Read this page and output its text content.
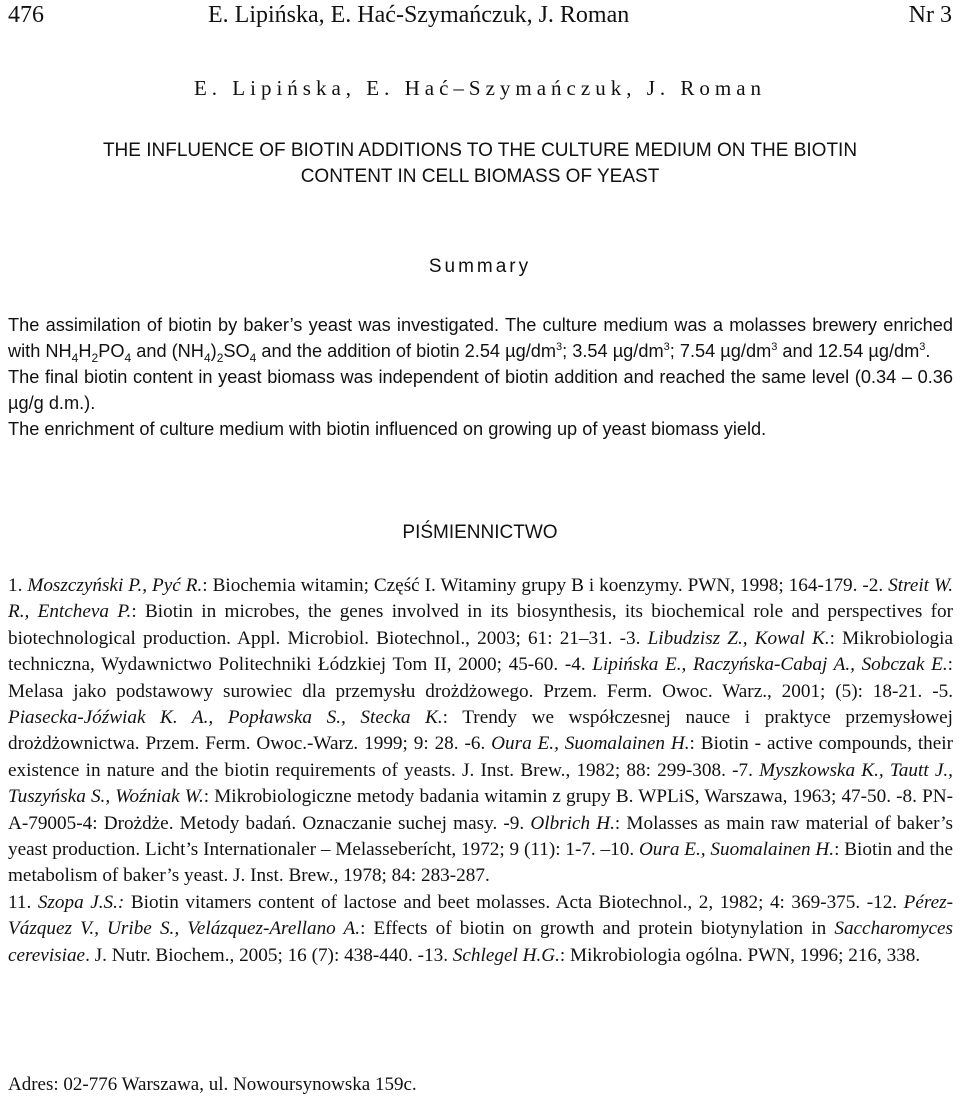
476	E. Lipińska, E. Hać-Szymańczuk, J. Roman	Nr 3
E. Lipińska, E. Hać–Szymańczuk, J. Roman
THE INFLUENCE OF BIOTIN ADDITIONS TO THE CULTURE MEDIUM ON THE BIOTIN
CONTENT IN CELL BIOMASS OF YEAST
Summary

The assimilation of biotin by baker’s yeast was investigated. The culture medium was a molasses brewery enriched with $NH_4H_2PO_4$ and $(NH_4)_2SO_4$ and the addition of biotin 2.54 $\mu g/dm^3$; 3.54 $\mu g/dm^3$; 7.54 $\mu g/dm^3$ and 12.54 $\mu g/dm^3$.

The final biotin content in yeast biomass was independent of biotin addition and reached the same level (0.34 – 0.36 µg/g d.m.).

The enrichment of culture medium with biotin influenced on growing up of yeast biomass yield.

PIŚMIENNICTWO

1. Moszczyński P., Pyć R.: Biochemia witamin; Część I. Witaminy grupy B i koenzymy. PWN, 1998; 164-179. -2. Streit W. R., Entcheva P.: Biotin in microbes, the genes involved in its biosynthesis, its biochemical role and perspectives for biotechnological production. Appl. Microbiol. Biotechnol., 2003; 61: 21–31. -3. Libudzisz Z., Kowal K.: Mikrobiologia techniczna, Wydawnictwo Politechniki Łódzkiej Tom II, 2000; 45-60. -4. Lipińska E., Raczyńska-Cabaj A., Sobczak E.: Melasa jako podstawowy surowiec dla przemysłu drożdżowego. Przem. Ferm. Owoc. Warz., 2001; (5): 18-21. -5. Piasecka-Jóźwiak K. A., Popławska S., Stecka K.: Trendy we współczesnej nauce i praktyce przemysłowej drożdżownictwa. Przem. Ferm. Owoc.-Warz. 1999; 9: 28. -6. Oura E., Suomalainen H.: Biotin - active compounds, their existence in nature and the biotin requirements of yeasts. J. Inst. Brew., 1982; 88: 299-308. -7. Myszkowska K., Tautt J., Tuszyńska S., Woźniak W.: Mikrobiologiczne metody badania witamin z grupy B. WPLiS, Warszawa, 1963; 47-50. -8. PN- A-79005-4: Drożdże. Metody badań. Oznaczanie suchej masy. -9. Olbrich H.: Molasses as main raw material of baker’s yeast production. Licht’s Internationaler – Melasseberícht, 1972; 9 (11): 1-7. –10. Oura E., Suomalainen H.: Biotin and the metabolism of baker’s yeast. J. Inst. Brew., 1978; 84: 283-287.

11. Szopa J.S.: Biotin vitamers content of lactose and beet molasses. Acta Biotechnol., 2, 1982; 4: 369-375. -12. Pérez-Vázquez V., Uribe S., Velázquez-Arellano A.: Effects of biotin on growth and protein biotynylation in Saccharomyces cerevisiae. J. Nutr. Biochem., 2005; 16 (7): 438-440. -13. Schlegel H.G.: Mikrobiologia ogólna. PWN, 1996; 216, 338.

Adres: 02-776 Warszawa, ul. Nowoursynowska 159c.
